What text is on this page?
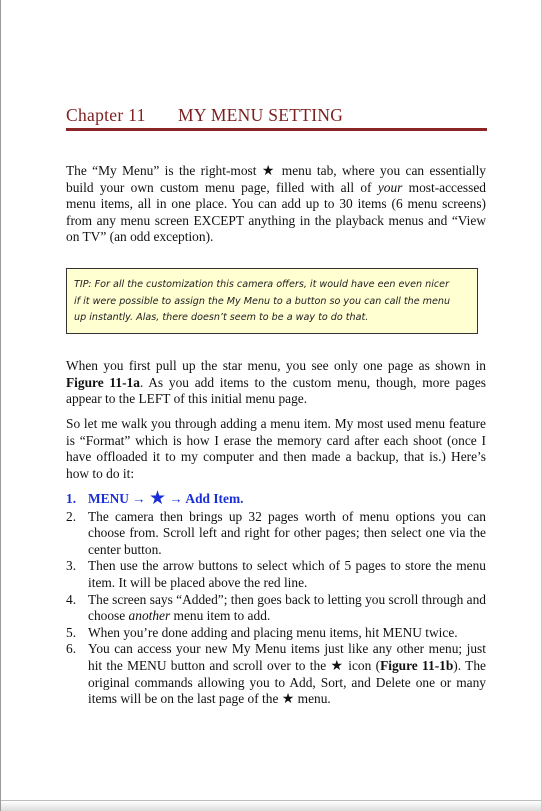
Chapter 11 MY MENU SETTING

The “My Menu” is the right-most ★ menu tab, where you can essentially build your own custom menu page, filled with all of your most-accessed menu items, all in one place. You can add up to 30 items (6 menu screens) from any menu screen EXCEPT anything in the playback menus and “View on TV” (an odd exception).

TIP: For all the customization this camera offers, it would have een even nicer
if it were possible to assign the My Menu to a button so you can call the menu
up instantly. Alas, there doesn’t seem to be a way to do that.

When you first pull up the star menu, you see only one page as shown in Figure 11-1a. As you add items to the custom menu, though, more pages appear to the LEFT of this initial menu page.

So let me walk you through adding a menu item. My most used menu feature is “Format” which is how I erase the memory card after each shoot (once I have offloaded it to my computer and then made a backup, that is.) Here’s how to do it:

1. MENU → ★ → Add Item.
2. The camera then brings up 32 pages worth of menu options you can choose from. Scroll left and right for other pages; then select one via the center button.
3. Then use the arrow buttons to select which of 5 pages to store the menu item. It will be placed above the red line.
4. The screen says “Added”; then goes back to letting you scroll through and choose another menu item to add.
5. When you’re done adding and placing menu items, hit MENU twice.
6. You can access your new My Menu items just like any other menu; just hit the MENU button and scroll over to the ★ icon (Figure 11-1b). The original commands allowing you to Add, Sort, and Delete one or many items will be on the last page of the ★ menu.
